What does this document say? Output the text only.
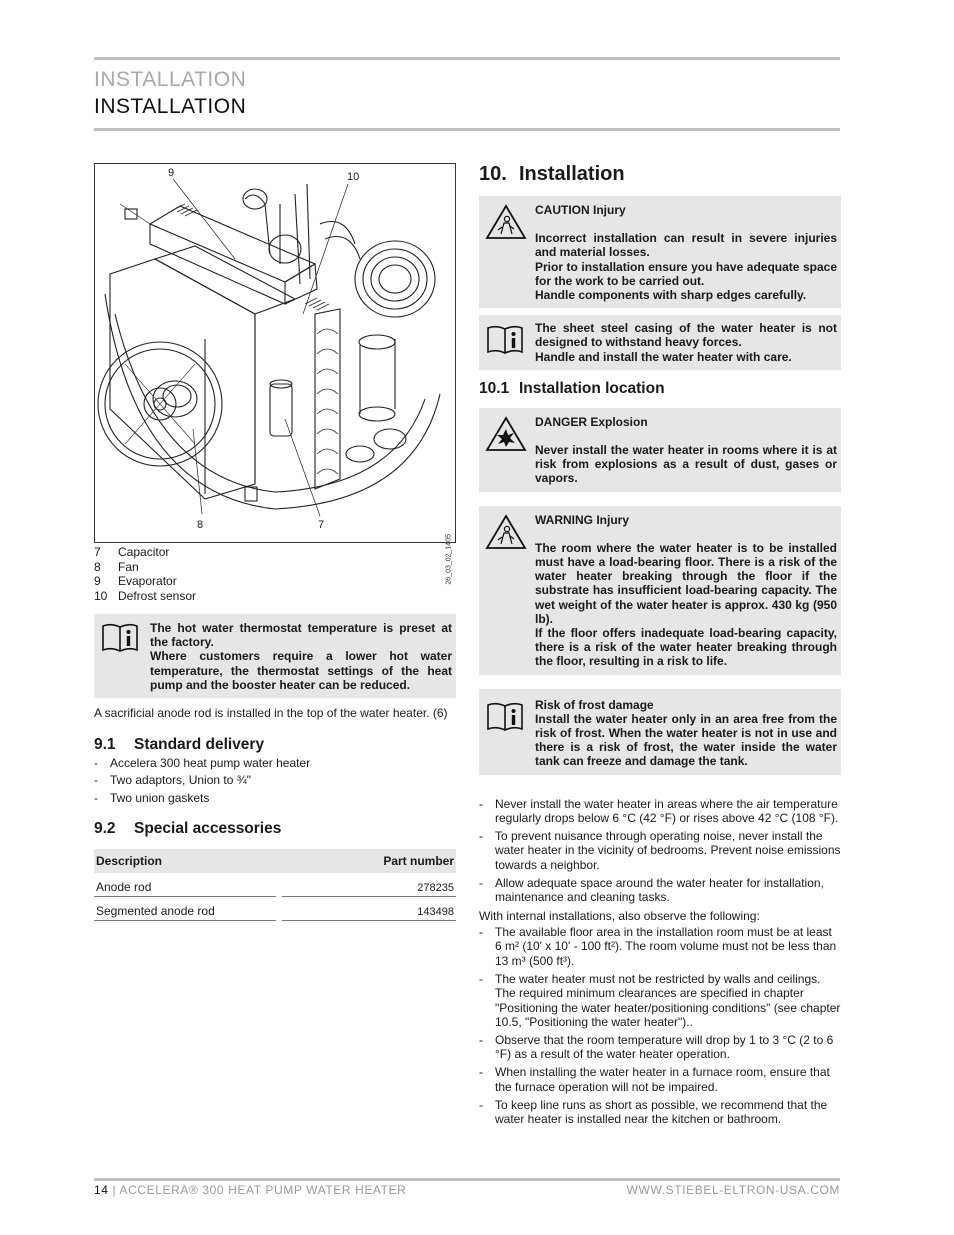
INSTALLATION
INSTALLATION
9	10
8	7
26_03_02_1405
7	Capacitor
8	Fan
9	Evaporator
10 Defrost sensor
The hot water thermostat temperature is preset at the factory.
Where customers require a lower hot water temperature, the thermostat settings of the heat pump and the booster heater can be reduced.
A sacrificial anode rod is installed in the top of the water heater. (6)
9.1 Standard delivery
-	Accelera 300 heat pump water heater
-	Two adaptors, Union to ¾"
-	Two union gaskets
9.2 Special accessories
Description	Part number
Anode rod	278235
Segmented anode rod	143498
10. Installation
CAUTION Injury
Incorrect installation can result in severe injuries and material losses.
Prior to installation ensure you have adequate space for the work to be carried out.
Handle components with sharp edges carefully.
The sheet steel casing of the water heater is not designed to withstand heavy forces.
Handle and install the water heater with care.
10.1 Installation location
DANGER Explosion
Never install the water heater in rooms where it is at risk from explosions as a result of dust, gases or vapors.
WARNING Injury
The room where the water heater is to be installed must have a load-bearing floor. There is a risk of the water heater breaking through the floor if the substrate has insufficient load-bearing capacity. The wet weight of the water heater is approx. 430 kg (950 lb).
If the floor offers inadequate load-bearing capacity, there is a risk of the water heater breaking through the floor, resulting in a risk to life.
Risk of frost damage
Install the water heater only in an area free from the risk of frost. When the water heater is not in use and there is a risk of frost, the water inside the water tank can freeze and damage the tank.
-	Never install the water heater in areas where the air temperature regularly drops below 6 °C (42 °F) or rises above 42 °C (108 °F).
-	To prevent nuisance through operating noise, never install the water heater in the vicinity of bedrooms. Prevent noise emissions towards a neighbor.
-	Allow adequate space around the water heater for installation, maintenance and cleaning tasks.
With internal installations, also observe the following:
-	The available floor area in the installation room must be at least 6 m² (10' x 10' - 100 ft²). The room volume must not be less than 13 m³ (500 ft³).
-	The water heater must not be restricted by walls and ceilings. The required minimum clearances are specified in chapter "Positioning the water heater/positioning conditions" (see chapter 10.5, "Positioning the water heater")..
-	Observe that the room temperature will drop by 1 to 3 °C (2 to 6 °F) as a result of the water heater operation.
-	When installing the water heater in a furnace room, ensure that the furnace operation will not be impaired.
-	To keep line runs as short as possible, we recommend that the water heater is installed near the kitchen or bathroom.
14 | ACCELERA® 300 HEAT PUMP WATER HEATER	WWW.STIEBEL-ELTRON-USA.COM
